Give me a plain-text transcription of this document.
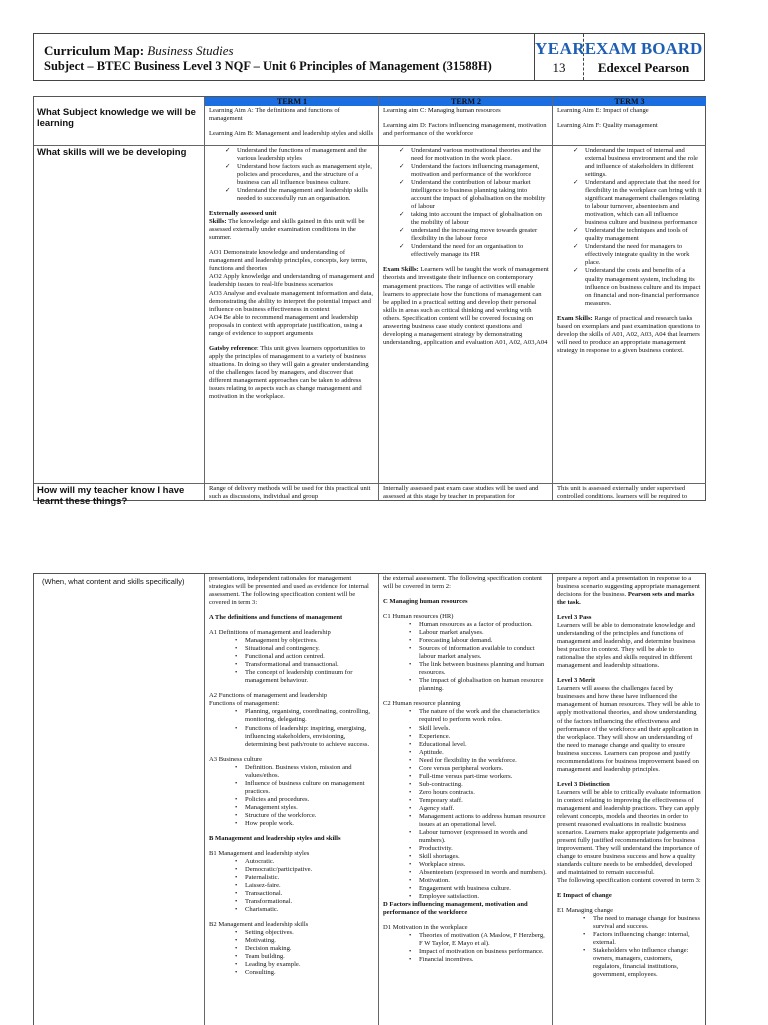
Curriculum Map: Business Studies
Subject – BTEC Business Level 3 NQF – Unit 6 Principles of Management (31588H)
YEAR
13
EXAM BOARD
Edexcel Pearson
What Subject knowledge we will be learning
What skills will we be developing
How will my teacher know I have learnt these things?
TERM 1

Learning Aim A: The definitions and functions of management

Learning Aim B: Management and leadership styles and skills

✓ Understand the functions of management and the various leadership styles
✓ Understand how factors such as management style, policies and procedures, and the structure of a business can all influence business culture.
✓ Understand the management and leadership skills needed to successfully run an organisation.

Externally assessed unit

Skills: The knowledge and skills gained in this unit will be assessed externally under examination conditions in the summer.

AO1 Demonstrate knowledge and understanding of management and leadership principles, concepts, key terms, functions and theories

AO2 Apply knowledge and understanding of management and leadership issues to real-life business scenarios

AO3 Analyse and evaluate management information and data, demonstrating the ability to interpret the potential impact and influence on business effectiveness in context

AO4 Be able to recommend management and leadership proposals in context with appropriate justification, using a range of evidence to support arguments

Gatsby reference: This unit gives learners opportunities to apply the principles of management to a variety of business situations. In doing so they will gain a greater understanding of the challenges faced by managers, and discover that different management approaches can be taken to address issues relating to aspects such as change management and motivation in the workplace.

Range of delivery methods will be used for this practical unit such as discussions, individual and group
TERM 2

Learning aim C: Managing human resources

Learning aim D: Factors influencing management, motivation and performance of the workforce

✓ Understand various motivational theories and the need for motivation in the work place.
✓ Understand the factors influencing management, motivation and performance of the workforce
✓ Understand the contribution of labour market intelligence to business planning taking into account the impact of globalisation on the mobility of labour
✓ taking into account the impact of globalisation on the mobility of labour
✓ understand the increasing move towards greater flexibility in the labour force
✓ Understand the need for an organisation to effectively manage its HR

Exam Skills: Learners will be taught the work of management theorists and investigate their influence on contemporary management practices. The range of activities will enable learners to appreciate how the functions of management can be applied in a practical setting and develop their personal skills in areas such as critical thinking and working with others. Specification content will be covered focusing on answering business case study context questions and developing a management strategy by demonstrating understanding, application and evaluation A01, A02, A03,A04

Internally assessed past exam case studies will be used and assessed at this stage by teacher in preparation for
TERM 3

Learning Aim E: Impact of change

Learning Aim F: Quality management

✓ Understand the impact of internal and external business environment and the role and influence of stakeholders in different settings.
✓ Understand and appreciate that the need for flexibility in the workplace can bring with it significant management challenges relating to labour turnover, absenteeism and motivation, which can all influence business culture and business performance
✓ Understand the techniques and tools of quality management
✓ Understand the need for managers to effectively integrate quality in the work place.
✓ Understand the costs and benefits of a quality management system, including its influence on business culture and its impact on financial and non-financial performance measures.

Exam Skills: Range of practical and research tasks based on exemplars and past examination questions to develop the skills of A01, A02, A03, A04 that learners will need to produce an appropriate management strategy in response to a given business context.

This unit is assessed externally under supervised controlled conditions. learners will be required to
(When, what content and skills specifically)	presentations, independent rationales for management strategies will be presented and used as evidence for internal assessment. The following specification content will be covered in term 3:

A The definitions and functions of management

A1 Definitions of management and leadership

• Management by objectives.
• Situational and contingency.
• Functional and action centred.
• Transformational and transactional.
• The concept of leadership continuum for management behaviour.

A2 Functions of management and leadership

Functions of management:

• Planning, organising, coordinating, controlling, monitoring, delegating.
• Functions of leadership: inspiring, energising, influencing stakeholders, envisioning, determining best path/route to achieve success.

A3 Business culture

• Definition. Business vision, mission and values/ethos.
• Influence of business culture on management practices.
• Policies and procedures.
• Management styles.
• Structure of the workforce.
• How people work.

B Management and leadership styles and skills

B1 Management and leadership styles

• Autocratic.
• Democratic/participative.
• Paternalistic.
• Laissez-faire.
• Transactional.
• Transformational.
• Charismatic.

B2 Management and leadership skills

• Setting objectives.
• Motivating.
• Decision making.
• Team building.
• Leading by example.
• Consulting.

the external assessment. The following specification content will be covered in term 2:

C Managing human resources

C1 Human resources (HR)

• Human resources as a factor of production.
• Labour market analyses.
• Forecasting labour demand.
• Sources of information available to conduct labour market analyses.
• The link between business planning and human resources.
• The impact of globalisation on human resource planning.

C2 Human resource planning

• The nature of the work and the characteristics required to perform work roles.
• Skill levels.
• Experience.
• Educational level.
• Aptitude.
• Need for flexibility in the workforce.
• Core versus peripheral workers.
• Full-time versus part-time workers.
• Sub-contracting.
• Zero hours contracts.
• Temporary staff.
• Agency staff.
• Management actions to address human resource issues at an operational level.
• Labour turnover (expressed in words and numbers).
• Productivity.
• Skill shortages.
• Workplace stress.
• Absenteeism (expressed in words and numbers).
• Motivation.
• Engagement with business culture.
• Employee satisfaction.

D Factors influencing management, motivation and performance of the workforce

D1 Motivation in the workplace

• Theories of motivation (A Maslow, F Herzberg, F W Taylor, E Mayo et al).
• Impact of motivation on business performance.
• Financial incentives.

prepare a report and a presentation in response to a business scenario suggesting appropriate management decisions for the business. Pearson sets and marks the task.

Level 3 Pass

Learners will be able to demonstrate knowledge and understanding of the principles and functions of management and leadership, and determine business best practice in context. They will be able to rationalise the styles and skills required in different management and leadership situations.

Level 3 Merit

Learners will assess the challenges faced by businesses and how these have influenced the management of human resources. They will be able to apply motivational theories, and show understanding of the factors influencing the effectiveness and performance of the workforce and their application in the workplace. They will show an understanding of the need to manage change and quality to ensure business success. Learners can propose and justify recommendations for business improvement based on management and leadership principles.

Level 3 Distinction

Learners will be able to critically evaluate information in context relating to improving the effectiveness of management and leadership practices. They can apply relevant concepts, models and theories in order to present reasoned evaluations in realistic business scenarios. Learners make appropriate judgements and present fully justified recommendations for business improvement. They will understand the importance of change to ensure business success and how a quality standards culture needs to be embedded, developed and maintained to remain successful.

The following specification content covered in term 3:

E Impact of change

E1 Managing change

• The need to manage change for business survival and success.
• Factors influencing change: internal, external.
• Stakeholders who influence change: owners, managers, customers, regulators, financial institutions, government, employees.
